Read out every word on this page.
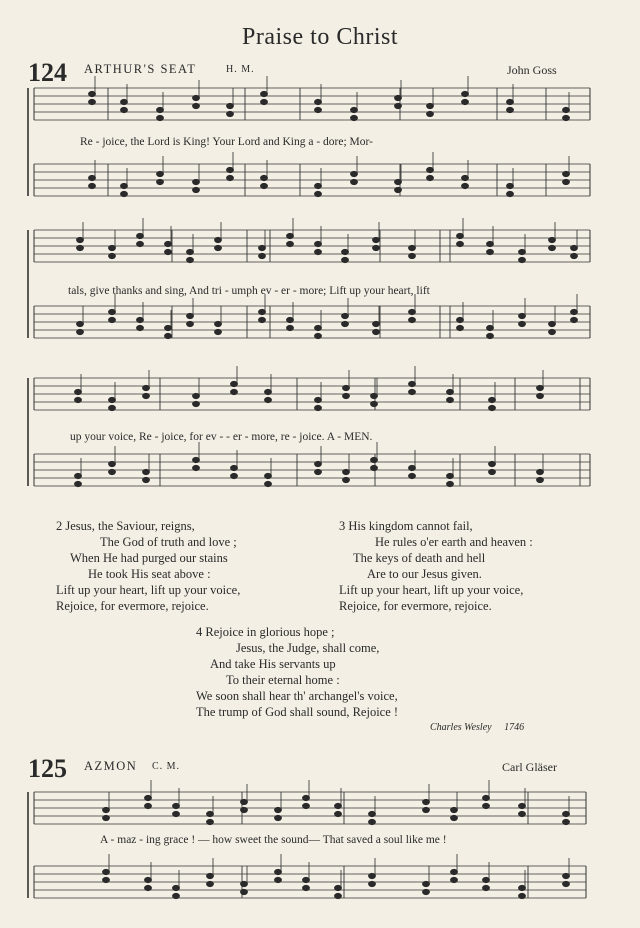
Praise to Christ
124 ARTHUR'S SEAT	H. M.	John Goss
Re - joice, the Lord is King! Your Lord and King a - dore; Mor-
tals, give thanks and sing, And tri - umph ev - er - more; Lift up your heart, lift
up your voice, Re - joice, for ev - - er - more, re - joice. A - MEN.
2 Jesus, the Saviour, reigns,
The God of truth and love ;
When He had purged our stains
He took His seat above :
Lift up your heart, lift up your voice,
Rejoice, for evermore, rejoice.
3 His kingdom cannot fail,
He rules o'er earth and heaven :
The keys of death and hell
Are to our Jesus given.
Lift up your heart, lift up your voice,
Rejoice, for evermore, rejoice.
4 Rejoice in glorious hope ;
Jesus, the Judge, shall come,
And take His servants up
To their eternal home :
We soon shall hear th' archangel's voice,
The trump of God shall sound, Rejoice !
Charles Wesley 1746
125 AZMON C. M.	Carl Gläser
A - maz - ing grace ! — how sweet the sound— That saved a soul like me !
